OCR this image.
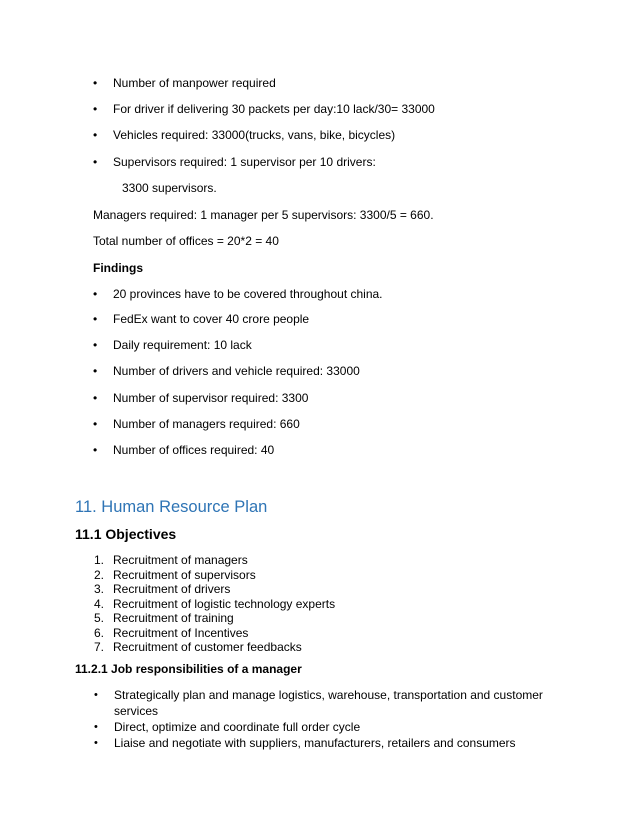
• Number of manpower required
• For driver if delivering 30 packets per day:10 lack/30= 33000
• Vehicles required: 33000(trucks, vans, bike, bicycles)
• Supervisors required: 1 supervisor per 10 drivers:
3300 supervisors.
Managers required: 1 manager per 5 supervisors: 3300/5 = 660.
Total number of offices = 20*2 = 40
Findings
• 20 provinces have to be covered throughout china.
• FedEx want to cover 40 crore people
• Daily requirement: 10 lack
• Number of drivers and vehicle required: 33000
• Number of supervisor required: 3300
• Number of managers required: 660
• Number of offices required: 40
11. Human Resource Plan
11.1 Objectives
1. Recruitment of managers
2. Recruitment of supervisors
3. Recruitment of drivers
4. Recruitment of logistic technology experts
5. Recruitment of training
6. Recruitment of Incentives
7. Recruitment of customer feedbacks
11.2.1 Job responsibilities of a manager
• Strategically plan and manage logistics, warehouse, transportation and customer
services
• Direct, optimize and coordinate full order cycle
• Liaise and negotiate with suppliers, manufacturers, retailers and consumers
